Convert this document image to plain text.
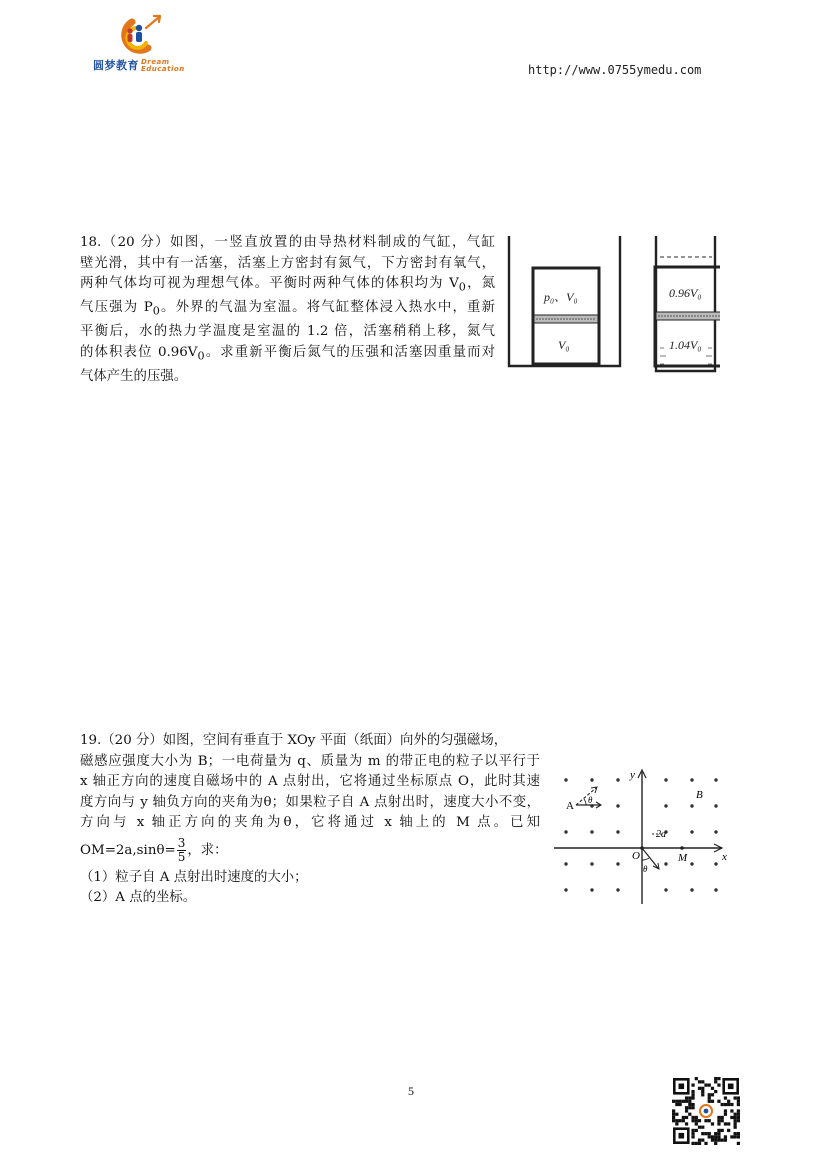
圆梦教育 Dream
Education	http://www.0755ymedu.com

18.（20 分）如图，一竖直放置的由导热材料制成的气缸，气缸

壁光滑，其中有一活塞，活塞上方密封有氮气，下方密封有氧气，

两种气体均可视为理想气体。平衡时两种气体的体积均为 $V_0$，氮

气压强为 $P_0$。外界的气温为室温。将气缸整体浸入热水中，重新

平衡后，水的热力学温度是室温的 1.2 倍，活塞稍稍上移，氮气

的体积表位 $0.96V_0$。求重新平衡后氮气的压强和活塞因重量而对

气体产生的压强。

p₀、V₀
V₀
0.96V₀
1.04V₀

19.（20 分）如图，空间有垂直于 XOy 平面（纸面）向外的匀强磁场，

磁感应强度大小为 B；一电荷量为 q、质量为 m 的带正电的粒子以平行于

x 轴正方向的速度自磁场中的 A 点射出，它将通过坐标原点 O，此时其速

度方向与 y 轴负方向的夹角为θ；如果粒子自 A 点射出时，速度大小不变，

方向与 x 轴正方向的夹角为θ，它将通过 x 轴上的 M 点。已知

$OM=2a,\sin\theta= \frac{3}{5}$ ，求：

（1）粒子自 A 点射出时速度的大小；

（2）A 点的坐标。

y
x
A θ	B
2a
O	M
θ
5
